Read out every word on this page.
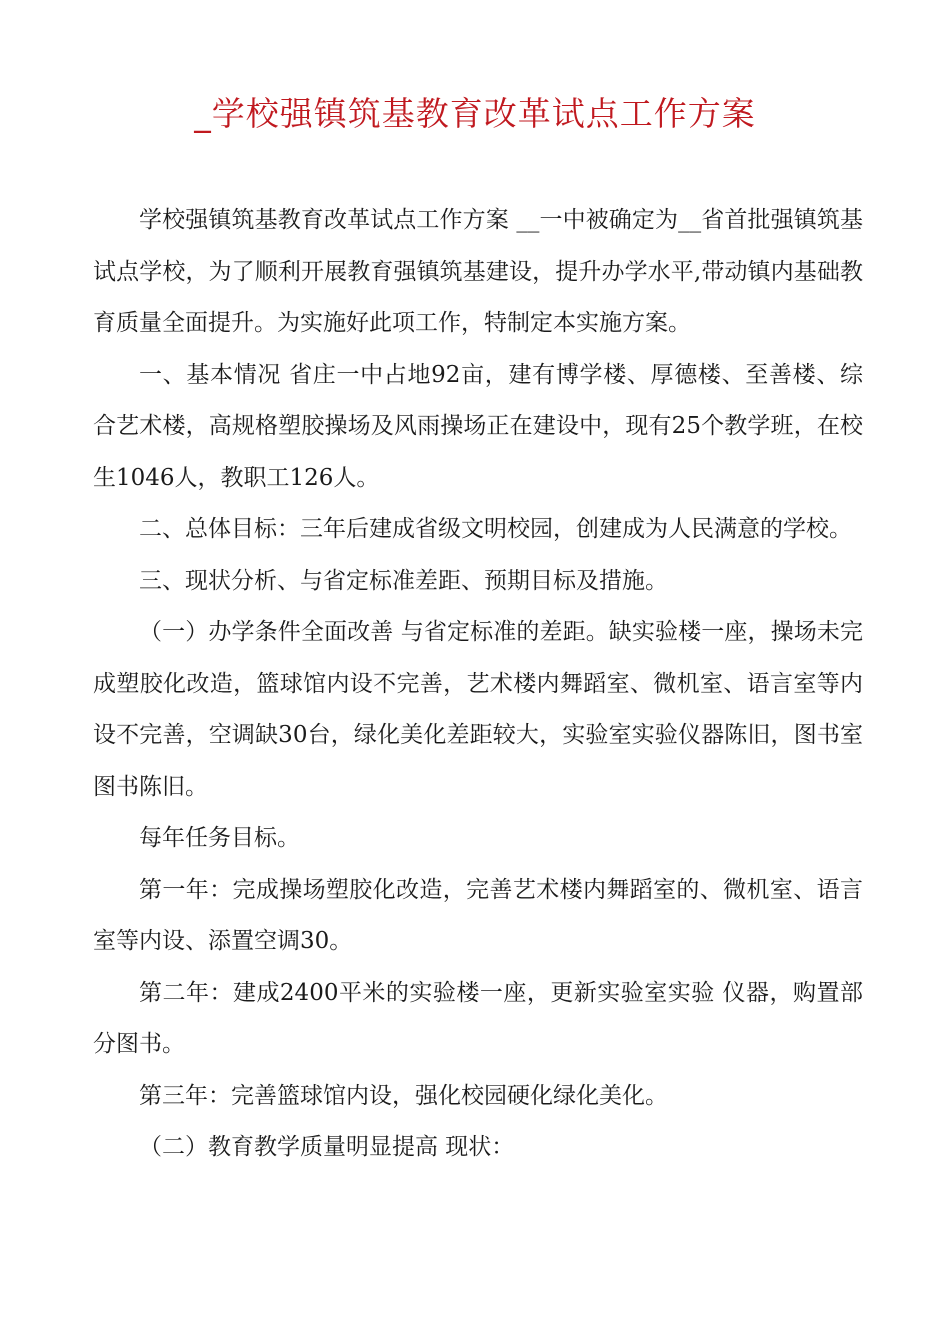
_学校强镇筑基教育改革试点工作方案

学校强镇筑基教育改革试点工作方案 __一中被确定为__省首批强镇筑基试点学校，为了顺利开展教育强镇筑基建设，提升办学水平,带动镇内基础教育质量全面提升。为实施好此项工作，特制定本实施方案。

一、基本情况 省庄一中占地92亩，建有博学楼、厚德楼、至善楼、综合艺术楼，高规格塑胶操场及风雨操场正在建设中，现有25个教学班，在校生1046人，教职工126人。

二、总体目标：三年后建成省级文明校园，创建成为人民满意的学校。

三、现状分析、与省定标准差距、预期目标及措施。

（一）办学条件全面改善 与省定标准的差距。缺实验楼一座，操场未完成塑胶化改造，篮球馆内设不完善，艺术楼内舞蹈室、微机室、语言室等内设不完善，空调缺30台，绿化美化差距较大，实验室实验仪器陈旧，图书室图书陈旧。

每年任务目标。

第一年：完成操场塑胶化改造，完善艺术楼内舞蹈室的、微机室、语言室等内设、添置空调30。

第二年：建成2400平米的实验楼一座，更新实验室实验 仪器，购置部分图书。

第三年：完善篮球馆内设，强化校园硬化绿化美化。

（二）教育教学质量明显提高 现状：
